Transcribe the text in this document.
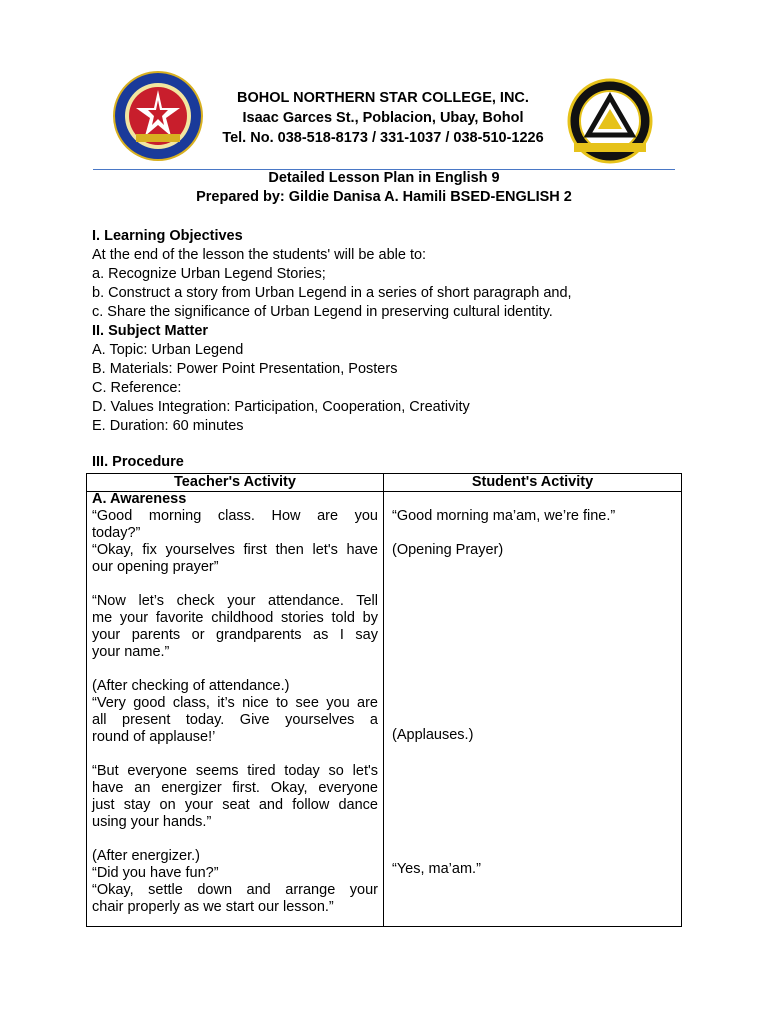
BOHOL NORTHERN STAR COLLEGE, INC.
Isaac Garces St., Poblacion, Ubay, Bohol
Tel. No. 038-518-8173 / 331-1037 / 038-510-1226
Detailed Lesson Plan in English 9
Prepared by: Gildie Danisa A. Hamili BSED-ENGLISH 2
I. Learning Objectives
At the end of the lesson the students' will be able to:
a. Recognize Urban Legend Stories;
b. Construct a story from Urban Legend in a series of short paragraph and,
c. Share the significance of Urban Legend in preserving cultural identity.
II. Subject Matter
A. Topic: Urban Legend
B. Materials: Power Point Presentation, Posters
C. Reference:
D. Values Integration: Participation, Cooperation, Creativity
E. Duration: 60 minutes
III. Procedure
Teacher's Activity	Student's Activity
A. Awareness
“Good morning class. How are you
today?”
“Okay, fix yourselves first then let's have
our opening prayer”

“Now let’s check your attendance. Tell
me your favorite childhood stories told by
your parents or grandparents as I say
your name.”

(After checking of attendance.)
“Very good class, it’s nice to see you are
all present today. Give yourselves a
round of applause!’

“But everyone seems tired today so let's
have an energizer first. Okay, everyone
just stay on your seat and follow dance
using your hands.”

(After energizer.)
“Did you have fun?”
“Okay, settle down and arrange your
chair properly as we start our lesson.”
“Good morning ma’am, we’re fine.”
(Opening Prayer)
(Applauses.)
“Yes, ma’am.”
